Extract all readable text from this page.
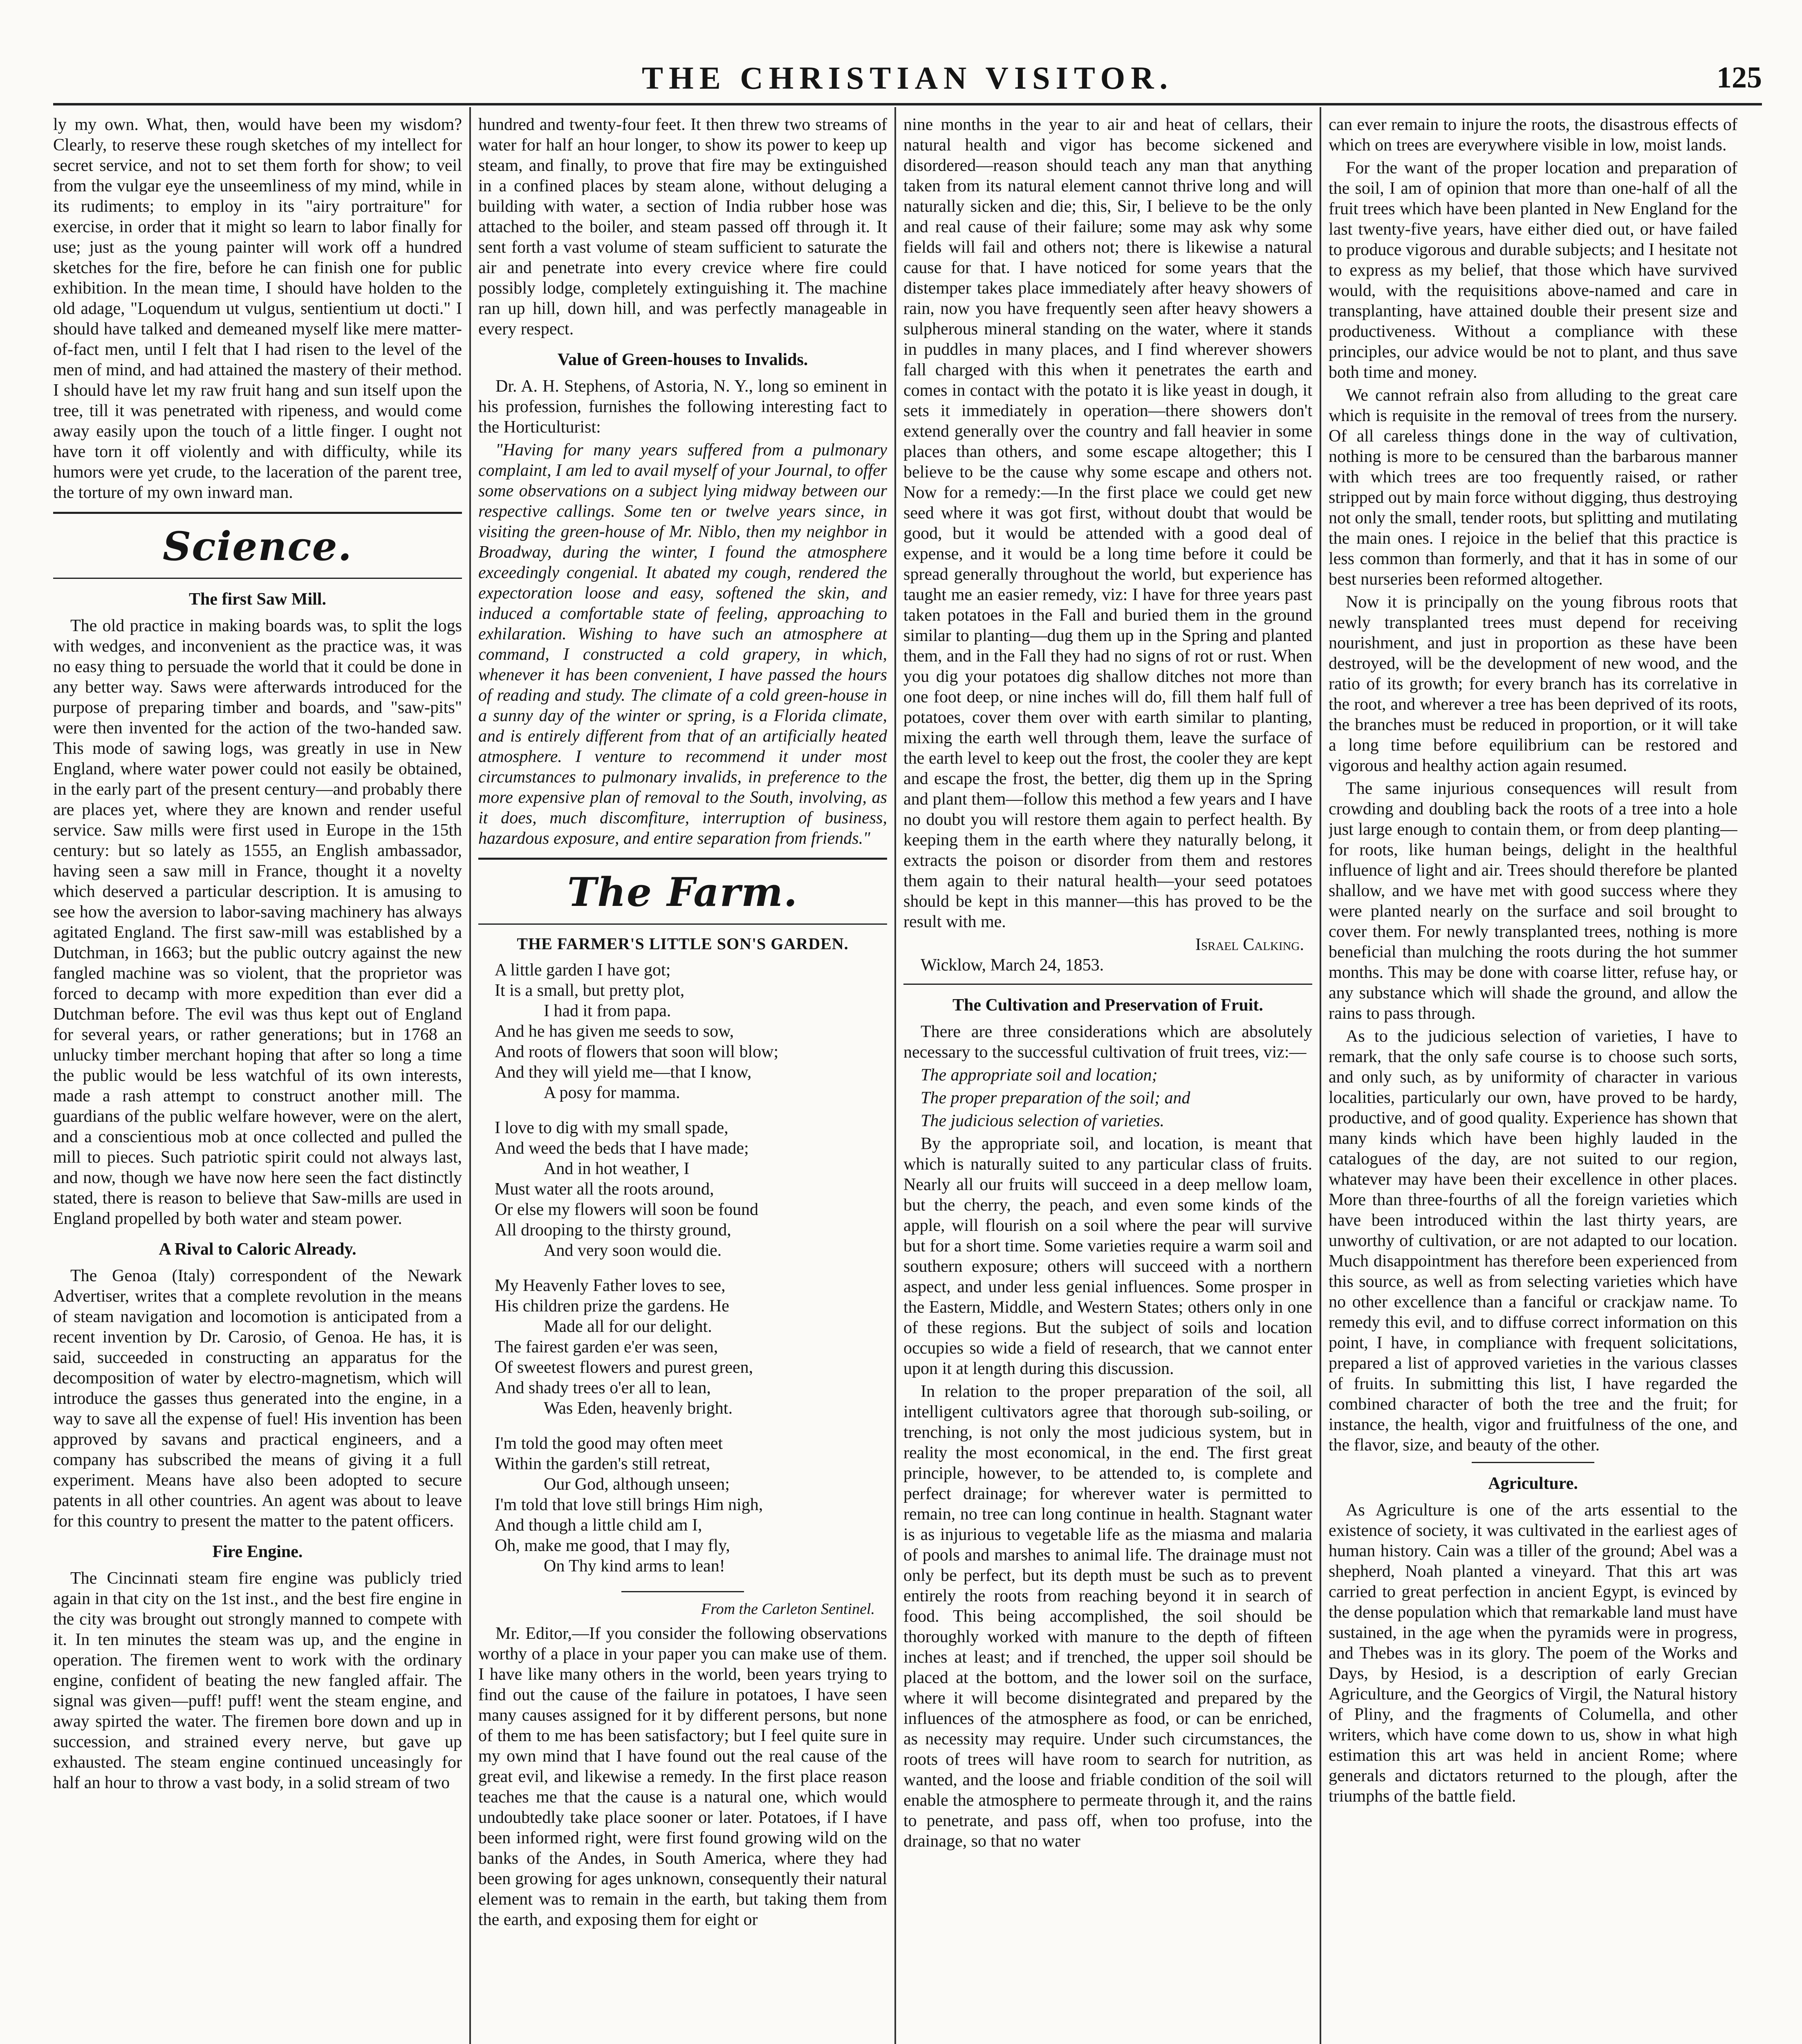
THE CHRISTIAN VISITOR.	125

ly my own. What, then, would have been my wisdom? Clearly, to reserve these rough sketches of my intellect for secret service, and not to set them forth for show; to veil from the vulgar eye the unseemliness of my mind, while in its rudiments; to employ in its "airy portraiture" for exercise, in order that it might so learn to labor finally for use; just as the young painter will work off a hundred sketches for the fire, before he can finish one for public exhibition. In the mean time, I should have holden to the old adage, "Loquendum ut vulgus, sentientium ut docti." I should have talked and demeaned myself like mere matter-of-fact men, until I felt that I had risen to the level of the men of mind, and had attained the mastery of their method. I should have let my raw fruit hang and sun itself upon the tree, till it was penetrated with ripeness, and would come away easily upon the touch of a little finger. I ought not have torn it off violently and with difficulty, while its humors were yet crude, to the laceration of the parent tree, the torture of my own inward man.

Science.
The first Saw Mill.

The old practice in making boards was, to split the logs with wedges, and inconvenient as the practice was, it was no easy thing to persuade the world that it could be done in any better way. Saws were afterwards introduced for the purpose of preparing timber and boards, and "saw-pits" were then invented for the action of the two-handed saw. This mode of sawing logs, was greatly in use in New England, where water power could not easily be obtained, in the early part of the present century—and probably there are places yet, where they are known and render useful service. Saw mills were first used in Europe in the 15th century: but so lately as 1555, an English ambassador, having seen a saw mill in France, thought it a novelty which deserved a particular description. It is amusing to see how the aversion to labor-saving machinery has always agitated England. The first saw-mill was established by a Dutchman, in 1663; but the public outcry against the new fangled machine was so violent, that the proprietor was forced to decamp with more expedition than ever did a Dutchman before. The evil was thus kept out of England for several years, or rather generations; but in 1768 an unlucky timber merchant hoping that after so long a time the public would be less watchful of its own interests, made a rash attempt to construct another mill. The guardians of the public welfare however, were on the alert, and a conscientious mob at once collected and pulled the mill to pieces. Such patriotic spirit could not always last, and now, though we have now here seen the fact distinctly stated, there is reason to believe that Saw-mills are used in England propelled by both water and steam power.

A Rival to Caloric Already.

The Genoa (Italy) correspondent of the Newark Advertiser, writes that a complete revolution in the means of steam navigation and locomotion is anticipated from a recent invention by Dr. Carosio, of Genoa. He has, it is said, succeeded in constructing an apparatus for the decomposition of water by electro-magnetism, which will introduce the gasses thus generated into the engine, in a way to save all the expense of fuel! His invention has been approved by savans and practical engineers, and a company has subscribed the means of giving it a full experiment. Means have also been adopted to secure patents in all other countries. An agent was about to leave for this country to present the matter to the patent officers.

Fire Engine.

The Cincinnati steam fire engine was publicly tried again in that city on the 1st inst., and the best fire engine in the city was brought out strongly manned to compete with it. In ten minutes the steam was up, and the engine in operation. The firemen went to work with the ordinary engine, confident of beating the new fangled affair. The signal was given—puff! puff! went the steam engine, and away spirted the water. The firemen bore down and up in succession, and strained every nerve, but gave up exhausted. The steam engine continued unceasingly for half an hour to throw a vast body, in a solid stream of two

hundred and twenty-four feet. It then threw two streams of water for half an hour longer, to show its power to keep up steam, and finally, to prove that fire may be extinguished in a confined places by steam alone, without deluging a building with water, a section of India rubber hose was attached to the boiler, and steam passed off through it. It sent forth a vast volume of steam sufficient to saturate the air and penetrate into every crevice where fire could possibly lodge, completely extinguishing it. The machine ran up hill, down hill, and was perfectly manageable in every respect.

Value of Green-houses to Invalids.

Dr. A. H. Stephens, of Astoria, N. Y., long so eminent in his profession, furnishes the following interesting fact to the Horticulturist:

"Having for many years suffered from a pulmonary complaint, I am led to avail myself of your Journal, to offer some observations on a subject lying midway between our respective callings. Some ten or twelve years since, in visiting the green-house of Mr. Niblo, then my neighbor in Broadway, during the winter, I found the atmosphere exceedingly congenial. It abated my cough, rendered the expectoration loose and easy, softened the skin, and induced a comfortable state of feeling, approaching to exhilaration. Wishing to have such an atmosphere at command, I constructed a cold grapery, in which, whenever it has been convenient, I have passed the hours of reading and study. The climate of a cold green-house in a sunny day of the winter or spring, is a Florida climate, and is entirely different from that of an artificially heated atmosphere. I venture to recommend it under most circumstances to pulmonary invalids, in preference to the more expensive plan of removal to the South, involving, as it does, much discomfiture, interruption of business, hazardous exposure, and entire separation from friends."

The Farm.
THE FARMER'S LITTLE SON'S GARDEN.
A little garden I have got;
It is a small, but pretty plot,
I had it from papa.
And he has given me seeds to sow,
And roots of flowers that soon will blow;
And they will yield me—that I know,
A posy for mamma.
I love to dig with my small spade,
And weed the beds that I have made;
And in hot weather, I
Must water all the roots around,
Or else my flowers will soon be found
All drooping to the thirsty ground,
And very soon would die.
My Heavenly Father loves to see,
His children prize the gardens. He
Made all for our delight.
The fairest garden e'er was seen,
Of sweetest flowers and purest green,
And shady trees o'er all to lean,
Was Eden, heavenly bright.
I'm told the good may often meet
Within the garden's still retreat,
Our God, although unseen;
I'm told that love still brings Him nigh,
And though a little child am I,
Oh, make me good, that I may fly,
On Thy kind arms to lean!
From the Carleton Sentinel.

Mr. Editor,—If you consider the following observations worthy of a place in your paper you can make use of them. I have like many others in the world, been years trying to find out the cause of the failure in potatoes, I have seen many causes assigned for it by different persons, but none of them to me has been satisfactory; but I feel quite sure in my own mind that I have found out the real cause of the great evil, and likewise a remedy. In the first place reason teaches me that the cause is a natural one, which would undoubtedly take place sooner or later. Potatoes, if I have been informed right, were first found growing wild on the banks of the Andes, in South America, where they had been growing for ages unknown, consequently their natural element was to remain in the earth, but taking them from the earth, and exposing them for eight or

nine months in the year to air and heat of cellars, their natural health and vigor has become sickened and disordered—reason should teach any man that anything taken from its natural element cannot thrive long and will naturally sicken and die; this, Sir, I believe to be the only and real cause of their failure; some may ask why some fields will fail and others not; there is likewise a natural cause for that. I have noticed for some years that the distemper takes place immediately after heavy showers of rain, now you have frequently seen after heavy showers a sulpherous mineral standing on the water, where it stands in puddles in many places, and I find wherever showers fall charged with this when it penetrates the earth and comes in contact with the potato it is like yeast in dough, it sets it immediately in operation—there showers don't extend generally over the country and fall heavier in some places than others, and some escape altogether; this I believe to be the cause why some escape and others not. Now for a remedy:—In the first place we could get new seed where it was got first, without doubt that would be good, but it would be attended with a good deal of expense, and it would be a long time before it could be spread generally throughout the world, but experience has taught me an easier remedy, viz: I have for three years past taken potatoes in the Fall and buried them in the ground similar to planting—dug them up in the Spring and planted them, and in the Fall they had no signs of rot or rust. When you dig your potatoes dig shallow ditches not more than one foot deep, or nine inches will do, fill them half full of potatoes, cover them over with earth similar to planting, mixing the earth well through them, leave the surface of the earth level to keep out the frost, the cooler they are kept and escape the frost, the better, dig them up in the Spring and plant them—follow this method a few years and I have no doubt you will restore them again to perfect health. By keeping them in the earth where they naturally belong, it extracts the poison or disorder from them and restores them again to their natural health—your seed potatoes should be kept in this manner—this has proved to be the result with me.

Israel Calking.
Wicklow, March 24, 1853.
The Cultivation and Preservation of Fruit.

There are three considerations which are absolutely necessary to the successful cultivation of fruit trees, viz:—

The appropriate soil and location;

The proper preparation of the soil; and

The judicious selection of varieties.

By the appropriate soil, and location, is meant that which is naturally suited to any particular class of fruits. Nearly all our fruits will succeed in a deep mellow loam, but the cherry, the peach, and even some kinds of the apple, will flourish on a soil where the pear will survive but for a short time. Some varieties require a warm soil and southern exposure; others will succeed with a northern aspect, and under less genial influences. Some prosper in the Eastern, Middle, and Western States; others only in one of these regions. But the subject of soils and location occupies so wide a field of research, that we cannot enter upon it at length during this discussion.

In relation to the proper preparation of the soil, all intelligent cultivators agree that thorough sub-soiling, or trenching, is not only the most judicious system, but in reality the most economical, in the end. The first great principle, however, to be attended to, is complete and perfect drainage; for wherever water is permitted to remain, no tree can long continue in health. Stagnant water is as injurious to vegetable life as the miasma and malaria of pools and marshes to animal life. The drainage must not only be perfect, but its depth must be such as to prevent entirely the roots from reaching beyond it in search of food. This being accomplished, the soil should be thoroughly worked with manure to the depth of fifteen inches at least; and if trenched, the upper soil should be placed at the bottom, and the lower soil on the surface, where it will become disintegrated and prepared by the influences of the atmosphere as food, or can be enriched, as necessity may require. Under such circumstances, the roots of trees will have room to search for nutrition, as wanted, and the loose and friable condition of the soil will enable the atmosphere to permeate through it, and the rains to penetrate, and pass off, when too profuse, into the drainage, so that no water

can ever remain to injure the roots, the disastrous effects of which on trees are everywhere visible in low, moist lands.

For the want of the proper location and preparation of the soil, I am of opinion that more than one-half of all the fruit trees which have been planted in New England for the last twenty-five years, have either died out, or have failed to produce vigorous and durable subjects; and I hesitate not to express as my belief, that those which have survived would, with the requisitions above-named and care in transplanting, have attained double their present size and productiveness. Without a compliance with these principles, our advice would be not to plant, and thus save both time and money.

We cannot refrain also from alluding to the great care which is requisite in the removal of trees from the nursery. Of all careless things done in the way of cultivation, nothing is more to be censured than the barbarous manner with which trees are too frequently raised, or rather stripped out by main force without digging, thus destroying not only the small, tender roots, but splitting and mutilating the main ones. I rejoice in the belief that this practice is less common than formerly, and that it has in some of our best nurseries been reformed altogether.

Now it is principally on the young fibrous roots that newly transplanted trees must depend for receiving nourishment, and just in proportion as these have been destroyed, will be the development of new wood, and the ratio of its growth; for every branch has its correlative in the root, and wherever a tree has been deprived of its roots, the branches must be reduced in proportion, or it will take a long time before equilibrium can be restored and vigorous and healthy action again resumed.

The same injurious consequences will result from crowding and doubling back the roots of a tree into a hole just large enough to contain them, or from deep planting—for roots, like human beings, delight in the healthful influence of light and air. Trees should therefore be planted shallow, and we have met with good success where they were planted nearly on the surface and soil brought to cover them. For newly transplanted trees, nothing is more beneficial than mulching the roots during the hot summer months. This may be done with coarse litter, refuse hay, or any substance which will shade the ground, and allow the rains to pass through.

As to the judicious selection of varieties, I have to remark, that the only safe course is to choose such sorts, and only such, as by uniformity of character in various localities, particularly our own, have proved to be hardy, productive, and of good quality. Experience has shown that many kinds which have been highly lauded in the catalogues of the day, are not suited to our region, whatever may have been their excellence in other places. More than three-fourths of all the foreign varieties which have been introduced within the last thirty years, are unworthy of cultivation, or are not adapted to our location. Much disappointment has therefore been experienced from this source, as well as from selecting varieties which have no other excellence than a fanciful or crackjaw name. To remedy this evil, and to diffuse correct information on this point, I have, in compliance with frequent solicitations, prepared a list of approved varieties in the various classes of fruits. In submitting this list, I have regarded the combined character of both the tree and the fruit; for instance, the health, vigor and fruitfulness of the one, and the flavor, size, and beauty of the other.

Agriculture.

As Agriculture is one of the arts essential to the existence of society, it was cultivated in the earliest ages of human history. Cain was a tiller of the ground; Abel was a shepherd, Noah planted a vineyard. That this art was carried to great perfection in ancient Egypt, is evinced by the dense population which that remarkable land must have sustained, in the age when the pyramids were in progress, and Thebes was in its glory. The poem of the Works and Days, by Hesiod, is a description of early Grecian Agriculture, and the Georgics of Virgil, the Natural history of Pliny, and the fragments of Columella, and other writers, which have come down to us, show in what high estimation this art was held in ancient Rome; where generals and dictators returned to the plough, after the triumphs of the battle field.
